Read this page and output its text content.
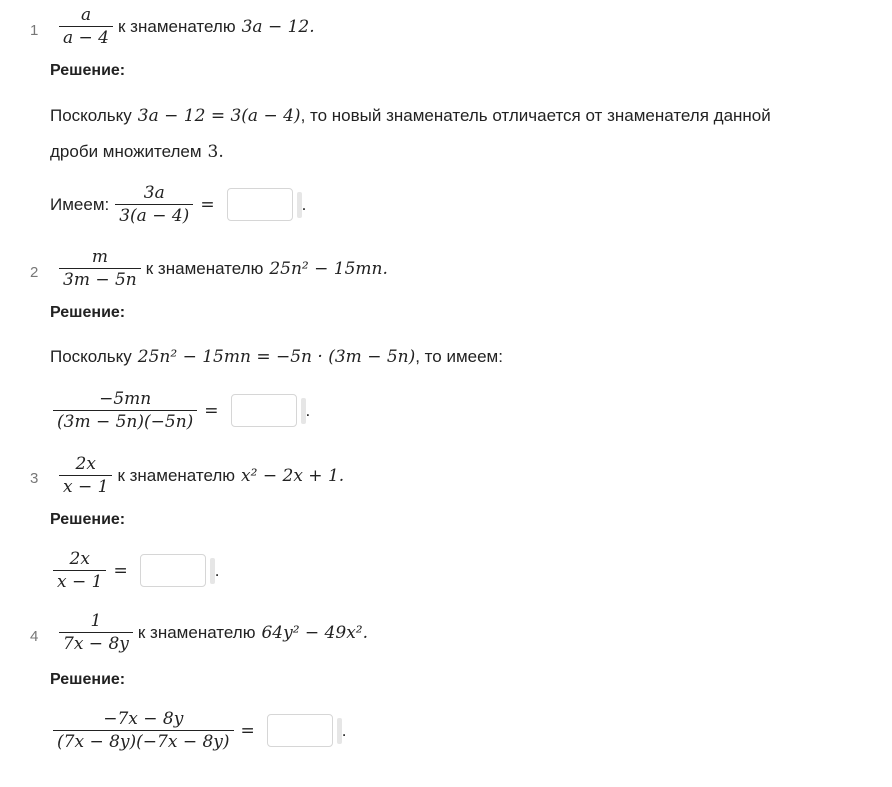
$1 \frac{a}{a - 4}$ к знаменателю 3a − 12.
Решение:
Поскольку 3a − 12 = 3(a − 4) , то новый знаменатель отличается от знаменателя данной
дроби множителем 3.
Имеем: $\frac{3a}{3(a - 4)}$ =	.
$2 \frac{m}{3m - 5n}$ к знаменателю 25n² − 15mn.
Решение:
Поскольку 25n² − 15mn = −5n · (3m − 5n) , то имеем:
$\frac{-5mn}{(3m - 5n)(-5n)}$ =	.
$3 \frac{2x}{x - 1}$ к знаменателю x² − 2x + 1.
Решение:
$\frac{2x}{x - 1}$ =	.
$4 \frac{1}{7x - 8y}$ к знаменателю 64y² − 49x².
Решение:
$\frac{-7x - 8y}{(7x - 8y)(-7x - 8y)}$ =	.
